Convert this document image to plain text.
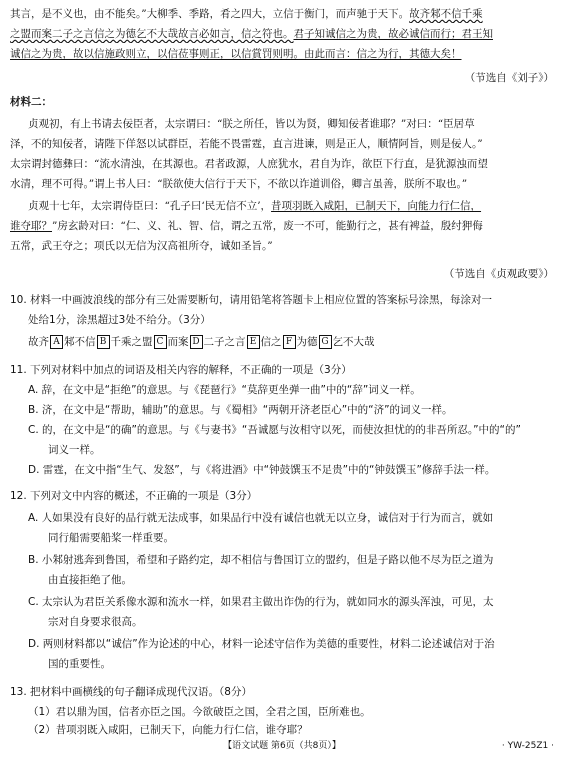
其言，是不义也，由不能矣。”大柳季、季路，肴之四大，立信于衡门，而声驰于天下。故齐邾不信千乘
之盟而案二子之言信之为德乞不大哉故言必如言，信之符也。君子知诚信之为贵，故必诚信而行；君王知
诚信之为贵，故以信施政则立，以信莅事则正，以信賞罚则明。由此而言：信之为行，其德大矣！
（节选自《刘子》）
材料二：
贞观初，有上书请去佞臣者，太宗谓曰：“朕之所任，皆以为贤，卿知佞者谁耶？”对曰：“臣居草
泽，不的知佞者，请陛下佯怒以试群臣，若能不畏雷霆，直言进谏，则是正人，顺情阿旨，则是佞人。”
太宗谓封德彝曰：“流水清浊，在其源也。君者政源，人庶犹水，君自为诈，欲臣下行直，是犹源浊而望
水清，理不可得。”谓上书人曰：“朕欲使大信行于天下，不欲以诈道训俗，卿言虽善，朕所不取也。”
贞观十七年，太宗谓侍臣曰：“孔子曰‘民无信不立’，昔项羽既入咸阳，已制天下，向能力行仁信，
谁夺耶？”房玄龄对曰：“仁、义、礼、智、信，谓之五常，废一不可，能勤行之，甚有裨益，殷纣狎侮
五常，武王夺之；项氏以无信为汉高祖所夺，诚如圣旨。”
（节选自《贞观政要》）
10. 材料一中画波浪线的部分有三处需要断句，请用铅笔将答题卡上相应位置的答案标号涂黑，每涂对一
处给1分，涂黑超过3处不给分。（3分）
故齐 A 邾不信 B 千乘之盟 C 而案 D 二子之言 E 信之 F 为德 G 乞不大哉
11. 下列对材料中加点的词语及相关内容的解释，不正确的一项是（3分）
A. 辞，在文中是“拒绝”的意思。与《琵琶行》“莫辞更坐弹一曲”中的“辞”词义一样。
B. 济，在文中是“帮助，辅助”的意思。与《蜀相》“两朝开济老臣心”中的“济”的词义一样。
C. 的，在文中是“的确”的意思。与《与妻书》“吾诚愿与汝相守以死，而使汝担忧的的非吾所忍。”中的“的”
词义一样。
D. 雷霆，在文中指“生气、发怒”，与《将进酒》中“钟鼓馔玉不足贵”中的“钟鼓馔玉”修辞手法一样。
12. 下列对文中内容的概述，不正确的一项是（3分）
A. 人如果没有良好的品行就无法成事，如果品行中没有诚信也就无以立身，诚信对于行为而言，就如
同行船需要船桨一样重要。
B. 小邾射逃奔到鲁国，希望和子路约定，却不相信与鲁国订立的盟约，但是子路以他不尽为臣之道为
由直接拒绝了他。
C. 太宗认为君臣关系像水源和流水一样，如果君主做出诈伪的行为，就如同水的源头浑浊，可见，太
宗对自身要求很高。
D. 两则材料都以“诚信”作为论述的中心，材料一论述守信作为美德的重要性，材料二论述诚信对于治
国的重要性。
13. 把材料中画横线的句子翻译成现代汉语。（8分）
（1）君以鼎为国，信者亦臣之国。今欲破臣之国，全君之国，臣所难也。
（2）昔项羽既入咸阳，已制天下，向能力行仁信，谁夺耶？
【语文试题 第6页（共8页）】	· YW-25Z1 ·
